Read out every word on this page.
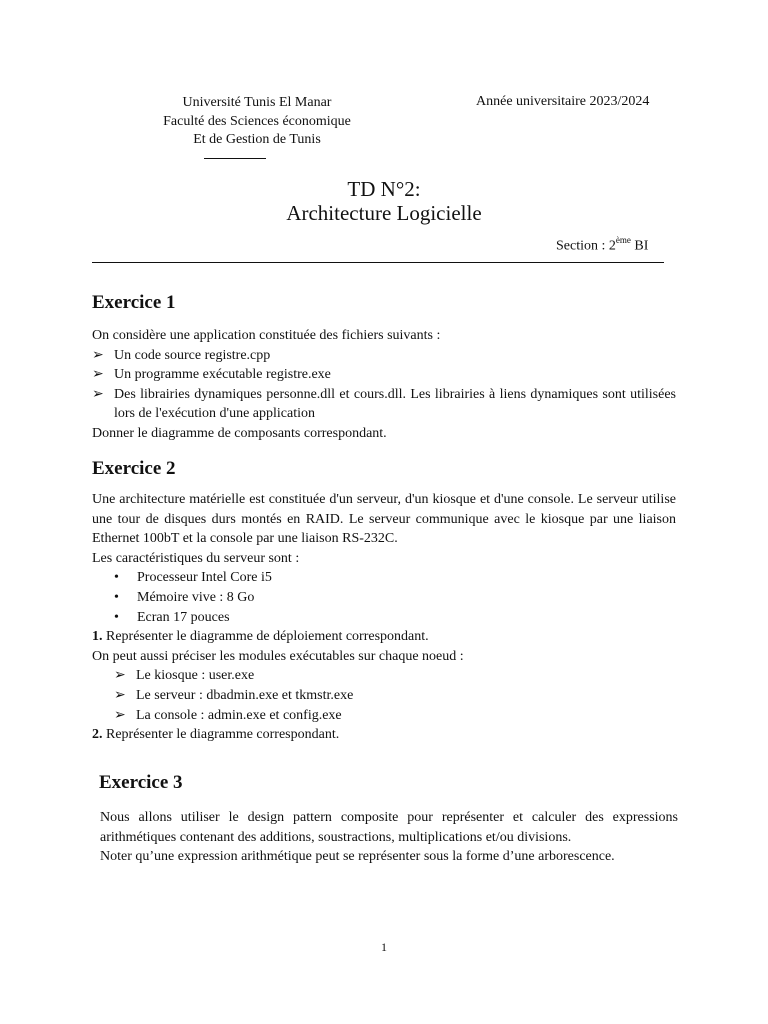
Université Tunis El Manar
Faculté des Sciences économique
Et de Gestion de Tunis
Année universitaire 2023/2024
TD N°2:
Architecture Logicielle
Section : 2ème BI
Exercice 1

On considère une application constituée des fichiers suivants :

➢ Un code source registre.cpp
➢ Un programme exécutable registre.exe
➢ Des librairies dynamiques personne.dll et cours.dll. Les librairies à liens dynamiques sont utilisées lors de l'exécution d'une application

Donner le diagramme de composants correspondant.

Exercice 2

Une architecture matérielle est constituée d'un serveur, d'un kiosque et d'une console. Le serveur utilise une tour de disques durs montés en RAID. Le serveur communique avec le kiosque par une liaison Ethernet 100bT et la console par une liaison RS-232C.

Les caractéristiques du serveur sont :

• Processeur Intel Core i5
• Mémoire vive : 8 Go
• Ecran 17 pouces

1. Représenter le diagramme de déploiement correspondant.

On peut aussi préciser les modules exécutables sur chaque noeud :

➢ Le kiosque : user.exe
➢ Le serveur : dbadmin.exe et tkmstr.exe
➢ La console : admin.exe et config.exe

2. Représenter le diagramme correspondant.

Exercice 3

Nous allons utiliser le design pattern composite pour représenter et calculer des expressions arithmétiques contenant des additions, soustractions, multiplications et/ou divisions.

Noter qu’une expression arithmétique peut se représenter sous la forme d’une arborescence.

1
